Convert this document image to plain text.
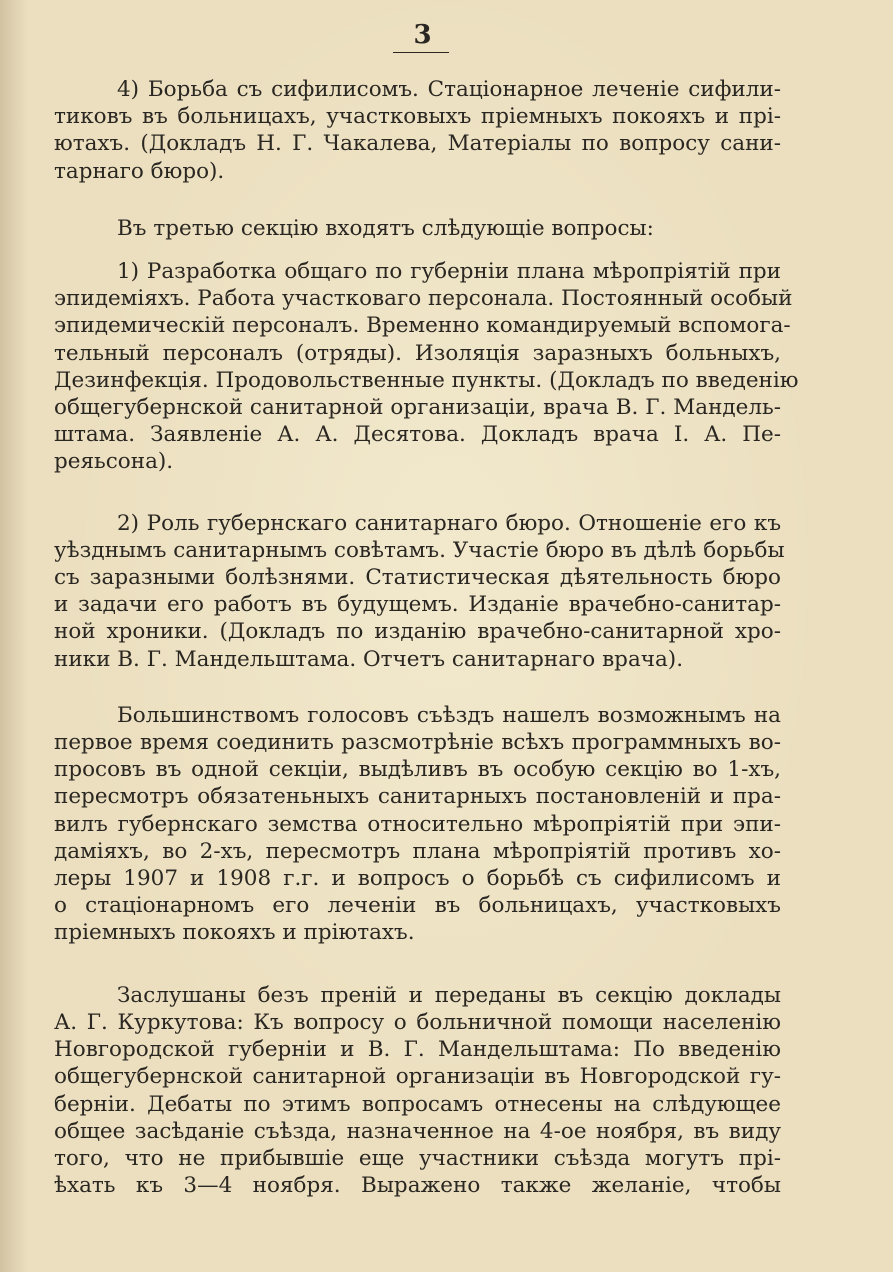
3

4) Борьба съ сифилисомъ. Стаціонарное леченіе сифили-
тиковъ въ больницахъ, участковыхъ пріемныхъ покояхъ и прі-
ютахъ. (Докладъ Н. Г. Чакалева, Матеріалы по вопросу сани-
тарнаго бюро).

Въ третью секцію входятъ слѣдующіе вопросы:

1) Разработка общаго по губерніи плана мѣропріятій при
эпидеміяхъ. Работа участковаго персонала. Постоянный особый
эпидемическій персоналъ. Временно командируемый вспомога-
тельный персоналъ (отряды). Изоляція заразныхъ больныхъ,
Дезинфекція. Продовольственные пункты. (Докладъ по введенію
общегубернской санитарной организаціи, врача В. Г. Мандель-
штама. Заявленіе А. А. Десятова. Докладъ врача І. А. Пе-
реяьсона).

2) Роль губернскаго санитарнаго бюро. Отношеніе его къ
уѣзднымъ санитарнымъ совѣтамъ. Участіе бюро въ дѣлѣ борьбы
съ заразными болѣзнями. Статистическая дѣятельность бюро
и задачи его работъ въ будущемъ. Изданіе врачебно-санитар-
ной хроники. (Докладъ по изданію врачебно-санитарной хро-
ники В. Г. Мандельштама. Отчетъ санитарнаго врача).

Большинствомъ голосовъ съѣздъ нашелъ возможнымъ на
первое время соединить разсмотрѣніе всѣхъ программныхъ во-
просовъ въ одной секціи, выдѣливъ въ особую секцію во 1-хъ,
пересмотръ обязатеньныхъ санитарныхъ постановленій и пра-
вилъ губернскаго земства относительно мѣропріятій при эпи-
даміяхъ, во 2-хъ, пересмотръ плана мѣропріятій противъ хо-
леры 1907 и 1908 г.г. и вопросъ о борьбѣ съ сифилисомъ и
о стаціонарномъ его леченіи въ больницахъ, участковыхъ
пріемныхъ покояхъ и пріютахъ.

Заслушаны безъ преній и переданы въ секцію доклады
А. Г. Куркутова: Къ вопросу о больничной помощи населенію
Новгородской губерніи и В. Г. Мандельштама: По введенію
общегубернской санитарной организаціи въ Новгородской гу-
берніи. Дебаты по этимъ вопросамъ отнесены на слѣдующее
общее засѣданіе съѣзда, назначенное на 4-ое ноября, въ виду
того, что не прибывшіе еще участники съѣзда могутъ прі-
ѣхать къ 3—4 ноября. Выражено также желаніе, чтобы
